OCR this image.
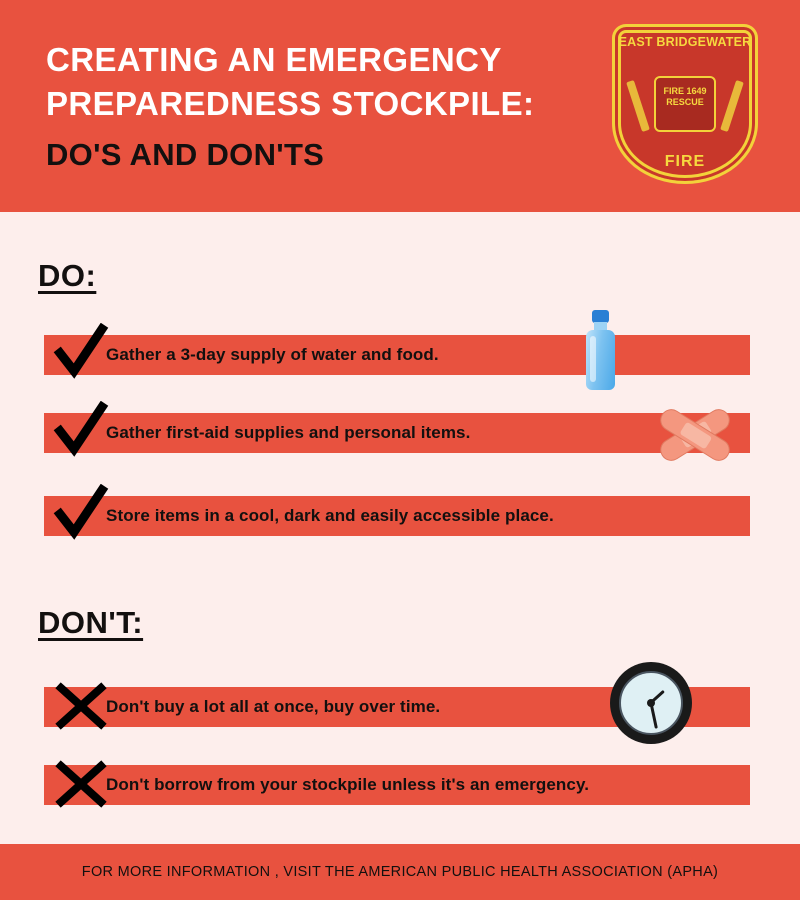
CREATING AN EMERGENCY
PREPAREDNESS STOCKPILE:
DO'S AND DON'TS
EAST BRIDGEWATER
FIRE 1649 RESCUE
FIRE
DO:
Gather a 3-day supply of water and food.
Gather first-aid supplies and personal items.
Store items in a cool, dark and easily accessible place.
DON'T:
Don't buy a lot all at once, buy over time.
Don't borrow from your stockpile unless it's an emergency.
FOR MORE INFORMATION , VISIT THE AMERICAN PUBLIC HEALTH ASSOCIATION (APHA)
